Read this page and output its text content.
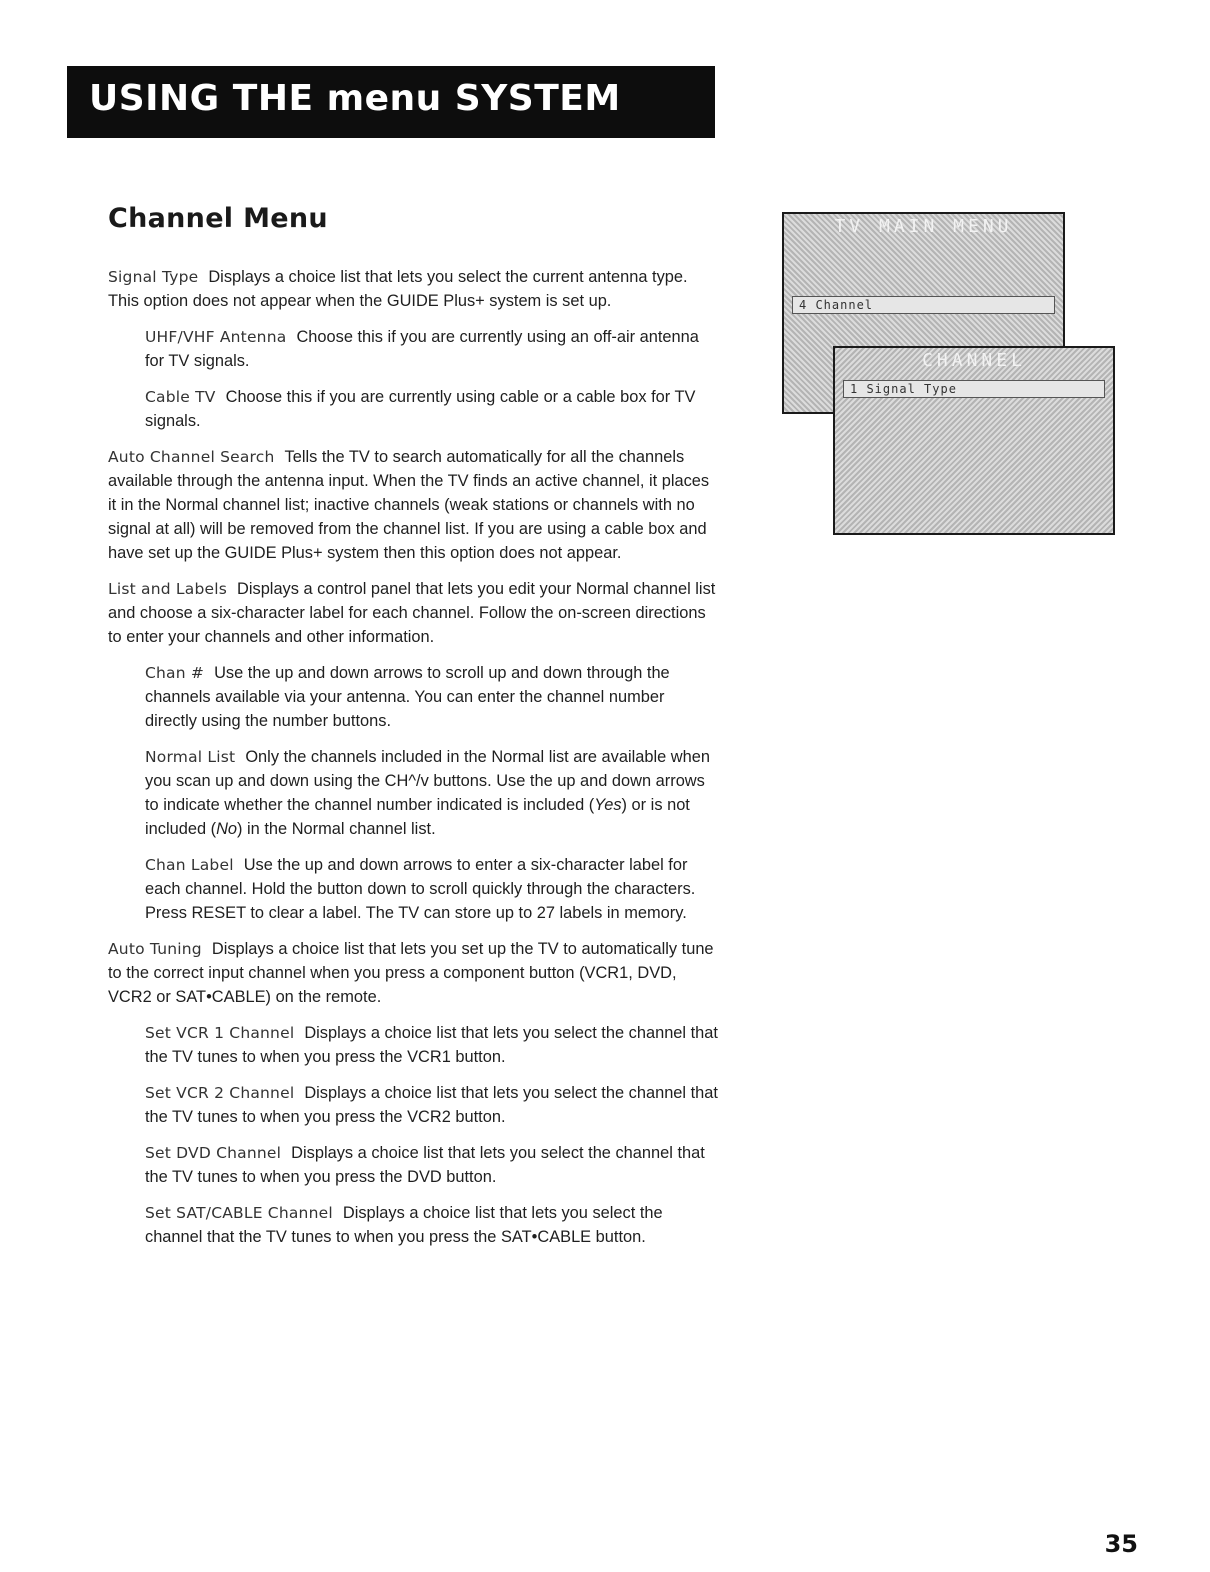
USING THE menu SYSTEM
Channel Menu

Signal Type Displays a choice list that lets you select the current antenna type. This option does not appear when the GUIDE Plus+ system is set up.

UHF/VHF Antenna Choose this if you are currently using an off-air antenna for TV signals.

Cable TV Choose this if you are currently using cable or a cable box for TV signals.

Auto Channel Search Tells the TV to search automatically for all the channels available through the antenna input. When the TV finds an active channel, it places it in the Normal channel list; inactive channels (weak stations or channels with no signal at all) will be removed from the channel list. If you are using a cable box and have set up the GUIDE Plus+ system then this option does not appear.

List and Labels Displays a control panel that lets you edit your Normal channel list and choose a six-character label for each channel. Follow the on-screen directions to enter your channels and other information.

Chan # Use the up and down arrows to scroll up and down through the channels available via your antenna. You can enter the channel number directly using the number buttons.

Normal List Only the channels included in the Normal list are available when you scan up and down using the CH^/v buttons. Use the up and down arrows to indicate whether the channel number indicated is included (Yes) or is not included (No) in the Normal channel list.

Chan Label Use the up and down arrows to enter a six-character label for each channel. Hold the button down to scroll quickly through the characters. Press RESET to clear a label. The TV can store up to 27 labels in memory.

Auto Tuning Displays a choice list that lets you set up the TV to automatically tune to the correct input channel when you press a component button (VCR1, DVD, VCR2 or SAT•CABLE) on the remote.

Set VCR 1 Channel Displays a choice list that lets you select the channel that the TV tunes to when you press the VCR1 button.

Set VCR 2 Channel Displays a choice list that lets you select the channel that the TV tunes to when you press the VCR2 button.

Set DVD Channel Displays a choice list that lets you select the channel that the TV tunes to when you press the DVD button.

Set SAT/CABLE Channel Displays a choice list that lets you select the channel that the TV tunes to when you press the SAT•CABLE button.

TV MAIN MENU
4 Channel
CHANNEL
1 Signal Type
35
